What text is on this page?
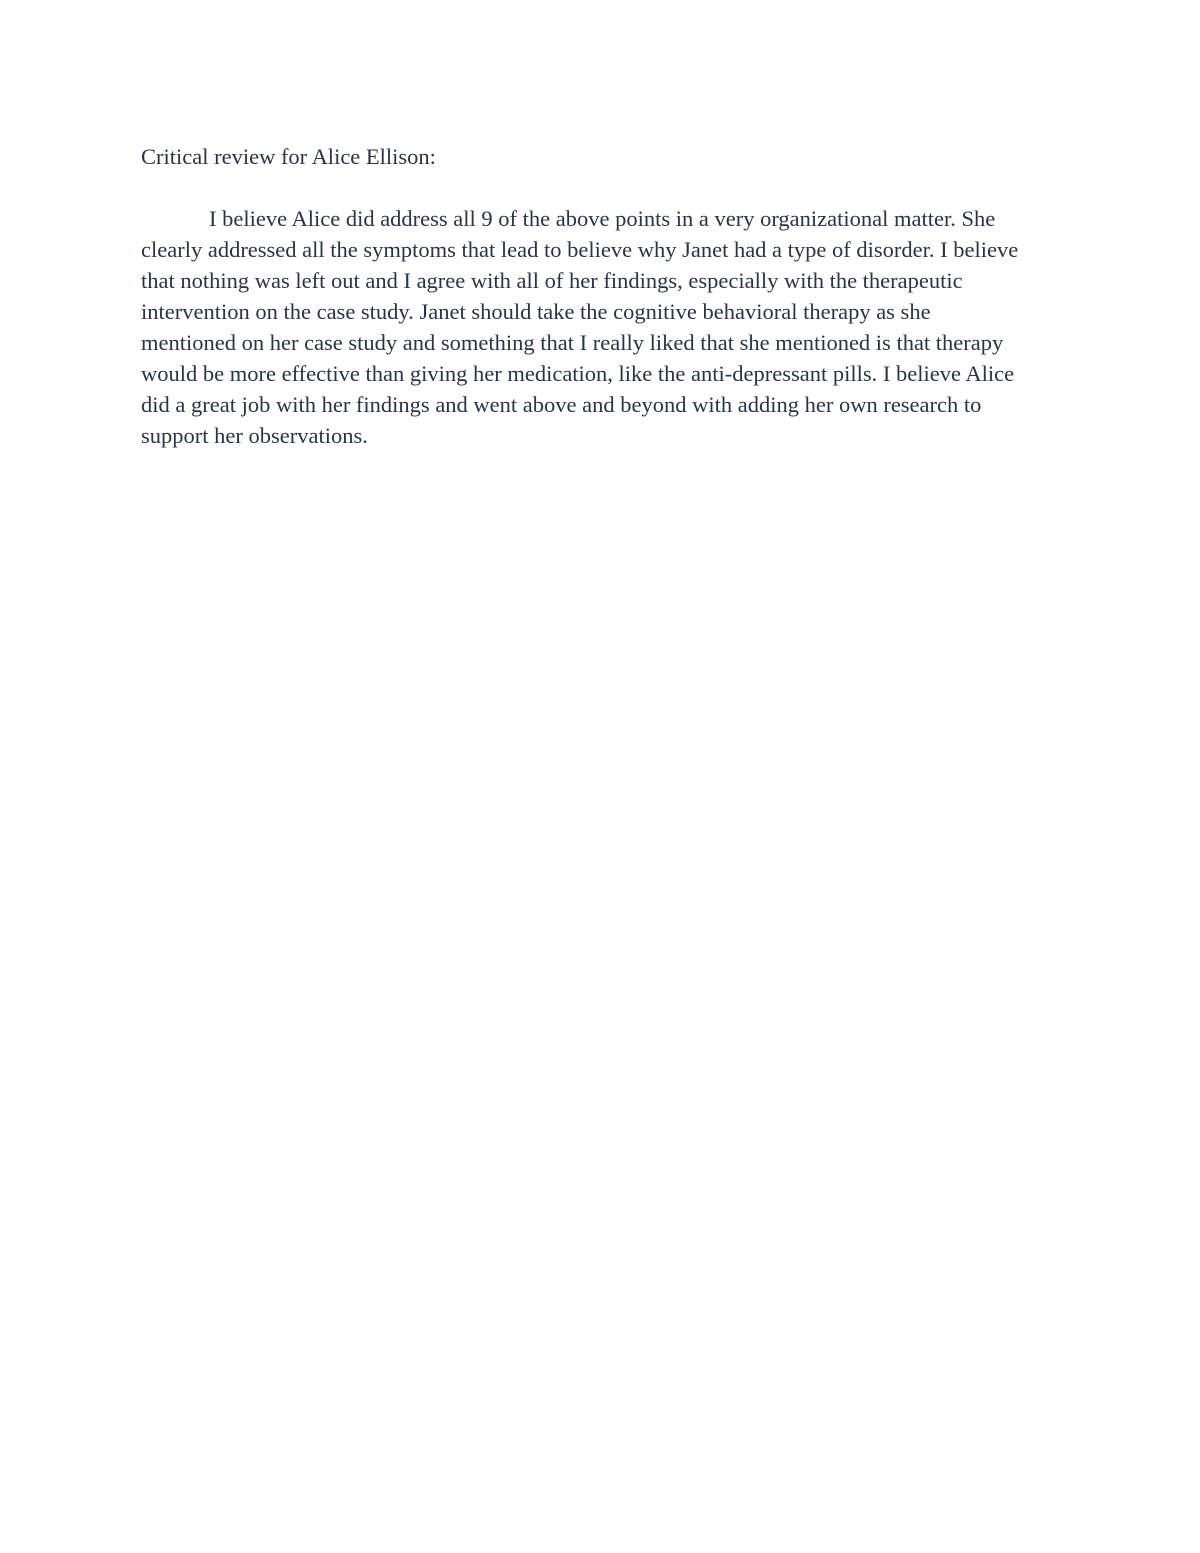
Critical review for Alice Ellison:

I believe Alice did address all 9 of the above points in a very organizational matter. She
clearly addressed all the symptoms that lead to believe why Janet had a type of disorder. I believe
that nothing was left out and I agree with all of her findings, especially with the therapeutic
intervention on the case study. Janet should take the cognitive behavioral therapy as she
mentioned on her case study and something that I really liked that she mentioned is that therapy
would be more effective than giving her medication, like the anti-depressant pills. I believe Alice
did a great job with her findings and went above and beyond with adding her own research to
support her observations.
